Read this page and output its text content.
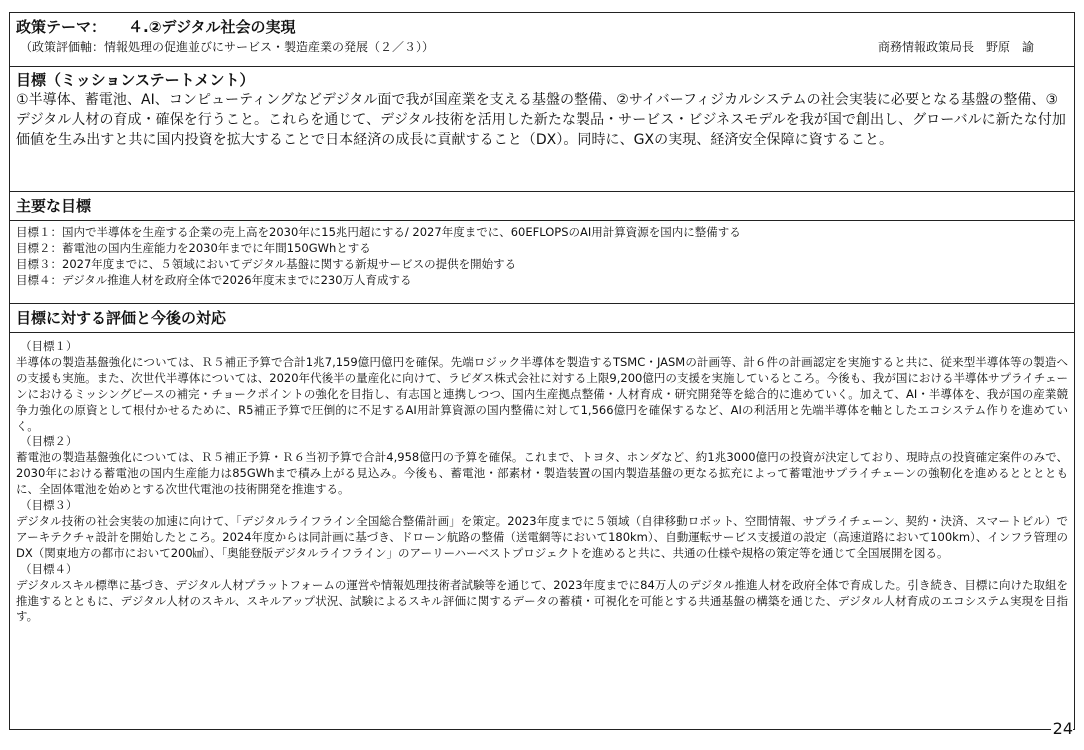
政策テーマ： ４.②デジタル社会の実現
（政策評価軸：情報処理の促進並びにサービス・製造産業の発展（２／３））	商務情報政策局長　野原　諭
目標（ミッションステートメント）
①半導体、蓄電池、AI、コンピューティングなどデジタル面で我が国産業を支える基盤の整備、②サイバーフィジカルシステムの社会実装に必要となる基盤の整備、③デジタル人材の育成・確保を行うこと。これらを通じて、デジタル技術を活用した新たな製品・サービス・ビジネスモデルを我が国で創出し、グローバルに新たな付加価値を生み出すと共に国内投資を拡大することで日本経済の成長に貢献すること（DX）。同時に、GXの実現、経済安全保障に資すること。
主要な目標
目標１：国内で半導体を生産する企業の売上高を2030年に15兆円超にする/ 2027年度までに、60EFLOPSのAI用計算資源を国内に整備する
目標２：蓄電池の国内生産能力を2030年までに年間150GWhとする
目標３：2027年度までに、５領域においてデジタル基盤に関する新規サービスの提供を開始する
目標４：デジタル推進人材を政府全体で2026年度末までに230万人育成する
目標に対する評価と今後の対応
（目標１）
半導体の製造基盤強化については、Ｒ５補正予算で合計1兆7,159億円億円を確保。先端ロジック半導体を製造するTSMC・JASMの計画等、計６件の計画認定を実施すると共に、従来型半導体等の製造への支援も実施。また、次世代半導体については、2020年代後半の量産化に向けて、ラピダス株式会社に対する上限9,200億円の支援を実施しているところ。今後も、我が国における半導体サプライチェーンにおけるミッシングピースの補完・チョークポイントの強化を目指し、有志国と連携しつつ、国内生産拠点整備・人材育成・研究開発等を総合的に進めていく。加えて、AI・半導体を、我が国の産業競争力強化の原資として根付かせるために、R5補正予算で圧倒的に不足するAI用計算資源の国内整備に対して1,566億円を確保するなど、AIの利活用と先端半導体を軸としたエコシステム作りを進めていく。
（目標２）
蓄電池の製造基盤強化については、Ｒ５補正予算・Ｒ６当初予算で合計4,958億円の予算を確保。これまで、トヨタ、ホンダなど、約1兆3000億円の投資が決定しており、現時点の投資確定案件のみで、2030年における蓄電池の国内生産能力は85GWhまで積み上がる見込み。今後も、蓄電池・部素材・製造装置の国内製造基盤の更なる拡充によって蓄電池サプライチェーンの強靭化を進めるとととともに、全固体電池を始めとする次世代電池の技術開発を推進する。
（目標３）
デジタル技術の社会実装の加速に向けて、「デジタルライフライン全国総合整備計画」を策定。2023年度までに５領域（自律移動ロボット、空間情報、サプライチェーン、契約・決済、スマートビル）でアーキテクチャ設計を開始したところ。2024年度からは同計画に基づき、ドローン航路の整備（送電網等において180km）、自動運転サービス支援道の設定（高速道路において100km）、インフラ管理のDX（関東地方の都市において200㎢）、「奥能登版デジタルライフライン」のアーリーハーベストプロジェクトを進めると共に、共通の仕様や規格の策定等を通じて全国展開を図る。
（目標４）
デジタルスキル標準に基づき、デジタル人材プラットフォームの運営や情報処理技術者試験等を通じて、2023年度までに84万人のデジタル推進人材を政府全体で育成した。引き続き、目標に向けた取組を推進するとともに、デジタル人材のスキル、スキルアップ状況、試験によるスキル評価に関するデータの蓄積・可視化を可能とする共通基盤の構築を通じた、デジタル人材育成のエコシステム実現を目指す。
24
